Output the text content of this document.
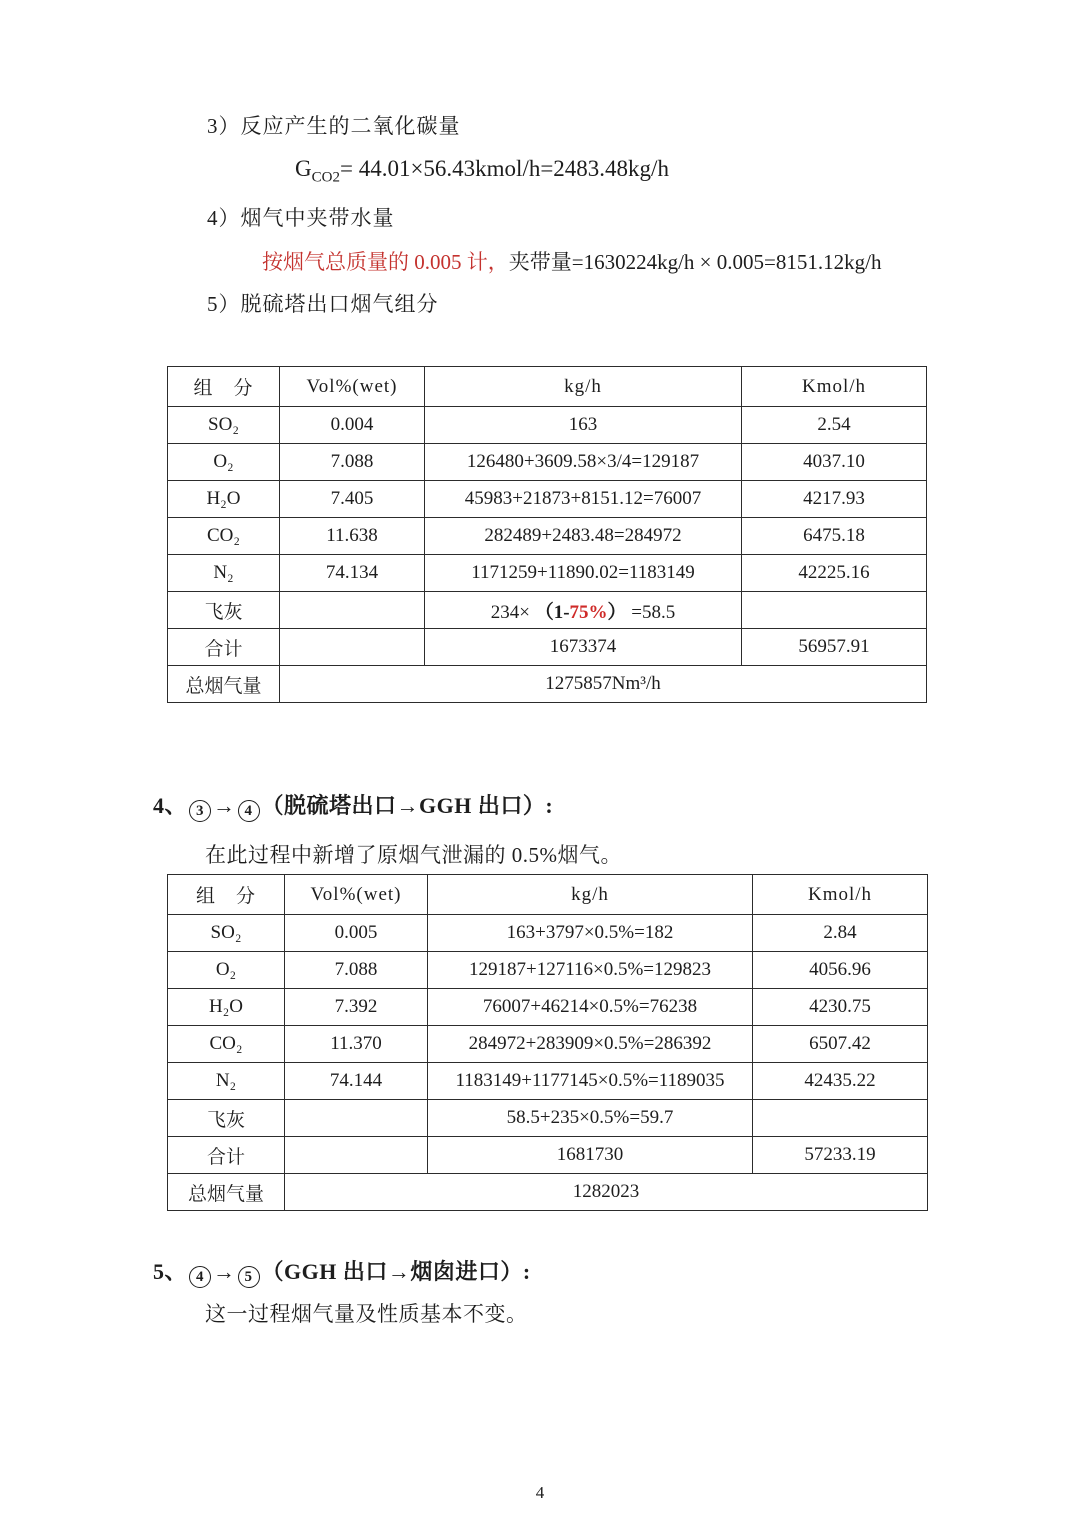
3）反应产生的二氧化碳量
$G_{CO2}=$ 44.01×56.43kmol/h=2483.48kg/h
4）烟气中夹带水量
按烟气总质量的 0.005 计，夹带量=1630224kg/h × 0.005=8151.12kg/h
5）脱硫塔出口烟气组分
组　分	Vol%(wet)	kg/h	Kmol/h
SO₂	0.004	163	2.54
O₂	7.088	126480+3609.58×3/4=129187	4037.10
H₂O	7.405	45983+21873+8151.12=76007	4217.93
CO₂	11.638	282489+2483.48=284972	6475.18
N₂	74.134	1171259+11890.02=1183149	42225.16
飞灰		234× （1-75%） =58.5	
合计		1673374	56957.91
总烟气量	1275857Nm³/h		
4、 3 → 4 （脱硫塔出口→GGH 出口）:
在此过程中新增了原烟气泄漏的 0.5%烟气。
组　分	Vol%(wet)	kg/h	Kmol/h
SO₂	0.005	163+3797×0.5%=182	2.84
O₂	7.088	129187+127116×0.5%=129823	4056.96
H₂O	7.392	76007+46214×0.5%=76238	4230.75
CO₂	11.370	284972+283909×0.5%=286392	6507.42
N₂	74.144	1183149+1177145×0.5%=1189035	42435.22
飞灰		58.5+235×0.5%=59.7	
合计		1681730	57233.19
总烟气量	1282023		
5、 4 → 5 （GGH 出口→烟囱进口）:
这一过程烟气量及性质基本不变。
4
